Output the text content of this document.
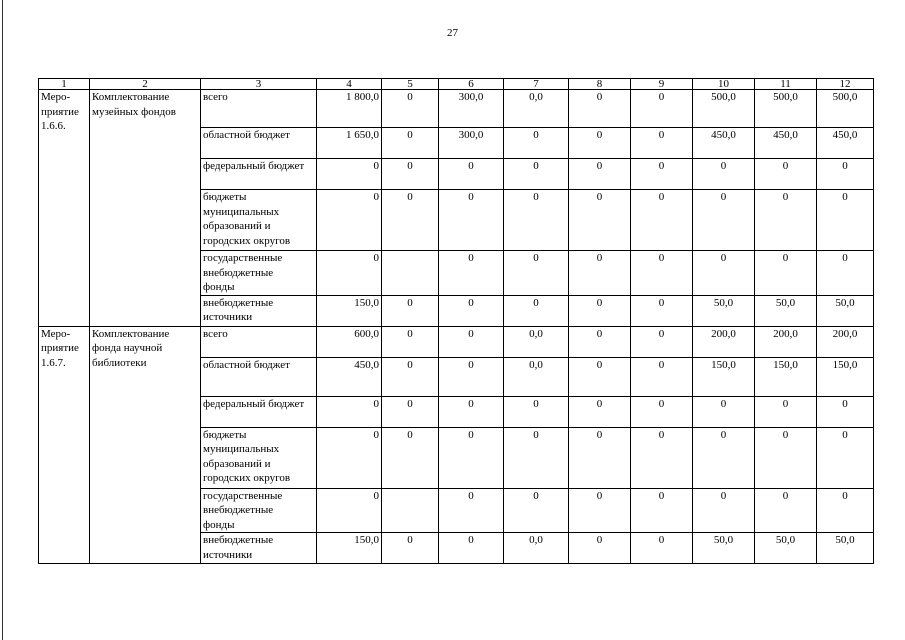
27
1	2	3	4	5	6	7	8	9	10	11	12
Меро-
приятие
1.6.6.	Комплектование
музейных фондов	всего	1 800,0	0	300,0	0,0	0	0	500,0	500,0	500,0
		областной бюджет	1 650,0	0	300,0	0	0	0	450,0	450,0	450,0
		федеральный бюджет	0	0	0	0	0	0	0	0	0
		бюджеты
муниципальных
образований и
городских округов	0	0	0	0	0	0	0	0	0
		государственные
внебюджетные
фонды	0		0	0	0	0	0	0	0
		внебюджетные
источники	150,0	0	0	0	0	0	50,0	50,0	50,0
Меро-
приятие
1.6.7.	Комплектование
фонда научной
библиотеки	всего	600,0	0	0	0,0	0	0	200,0	200,0	200,0
		областной бюджет	450,0	0	0	0,0	0	0	150,0	150,0	150,0
		федеральный бюджет	0	0	0	0	0	0	0	0	0
		бюджеты
муниципальных
образований и
городских округов	0	0	0	0	0	0	0	0	0
		государственные
внебюджетные
фонды	0		0	0	0	0	0	0	0
		внебюджетные
источники	150,0	0	0	0,0	0	0	50,0	50,0	50,0
